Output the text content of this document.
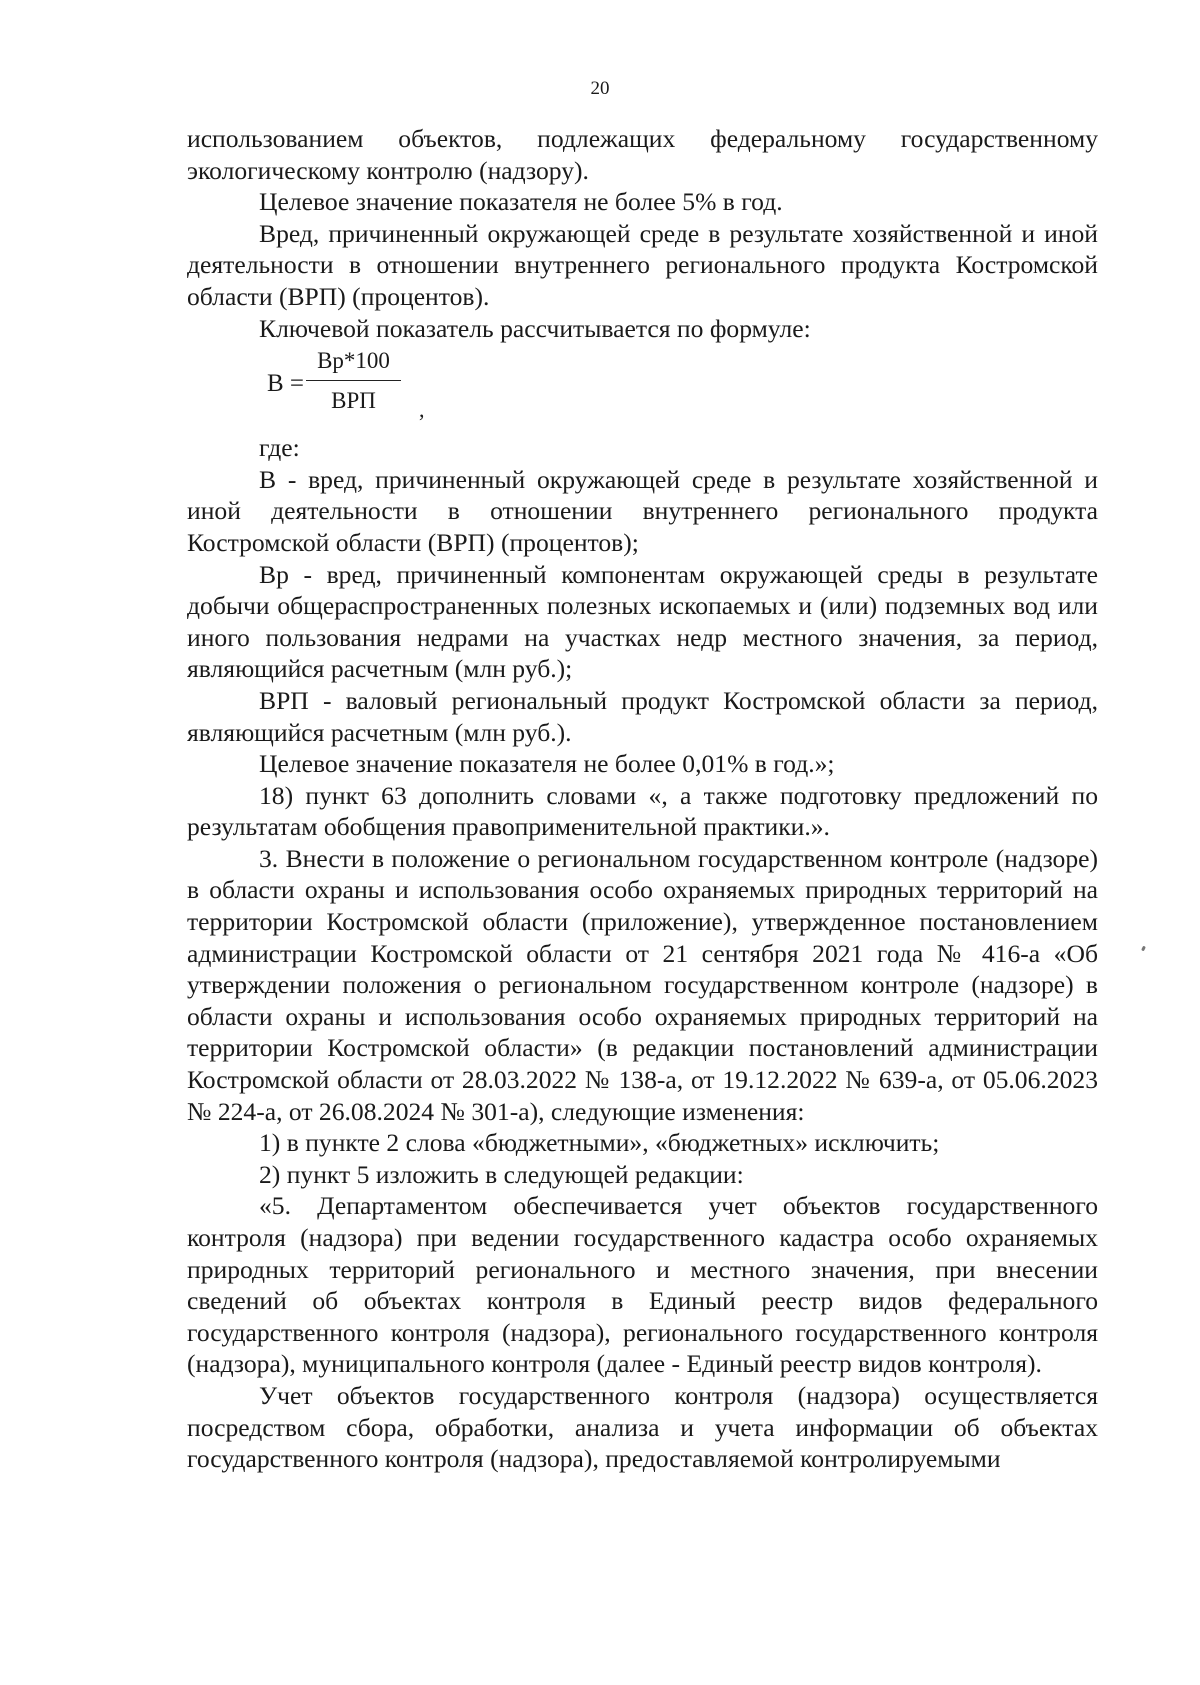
20

использованием объектов, подлежащих федеральному государственному экологическому контролю (надзору).

Целевое значение показателя не более 5% в год.

Вред, причиненный окружающей среде в результате хозяйственной и иной деятельности в отношении внутреннего регионального продукта Костромской области (ВРП) (процентов).

Ключевой показатель рассчитывается по формуле:

В =
Вр*100
ВРП	,

где:

В - вред, причиненный окружающей среде в результате хозяйственной и иной деятельности в отношении внутреннего регионального продукта Костромской области (ВРП) (процентов);

Вр - вред, причиненный компонентам окружающей среды в результате добычи общераспространенных полезных ископаемых и (или) подземных вод или иного пользования недрами на участках недр местного значения, за период, являющийся расчетным (млн руб.);

ВРП - валовый региональный продукт Костромской области за период, являющийся расчетным (млн руб.).

Целевое значение показателя не более 0,01% в год.»;

18) пункт 63 дополнить словами «, а также подготовку предложений по результатам обобщения правоприменительной практики.».

3. Внести в положение о региональном государственном контроле (надзоре) в области охраны и использования особо охраняемых природных территорий на территории Костромской области (приложение), утвержденное постановлением администрации Костромской области от 21 сентября 2021 года № 416-а «Об утверждении положения о региональном государственном контроле (надзоре) в области охраны и использования особо охраняемых природных территорий на территории Костромской области» (в редакции постановлений администрации Костромской области от 28.03.2022 № 138-а, от 19.12.2022 № 639-а, от 05.06.2023 № 224-а, от 26.08.2024 № 301-а), следующие изменения:

1) в пункте 2 слова «бюджетными», «бюджетных» исключить;

2) пункт 5 изложить в следующей редакции:

«5. Департаментом обеспечивается учет объектов государственного контроля (надзора) при ведении государственного кадастра особо охраняемых природных территорий регионального и местного значения, при внесении сведений об объектах контроля в Единый реестр видов федерального государственного контроля (надзора), регионального государственного контроля (надзора), муниципального контроля (далее - Единый реестр видов контроля).

Учет объектов государственного контроля (надзора) осуществляется посредством сбора, обработки, анализа и учета информации об объектах государственного контроля (надзора), предоставляемой контролируемыми
